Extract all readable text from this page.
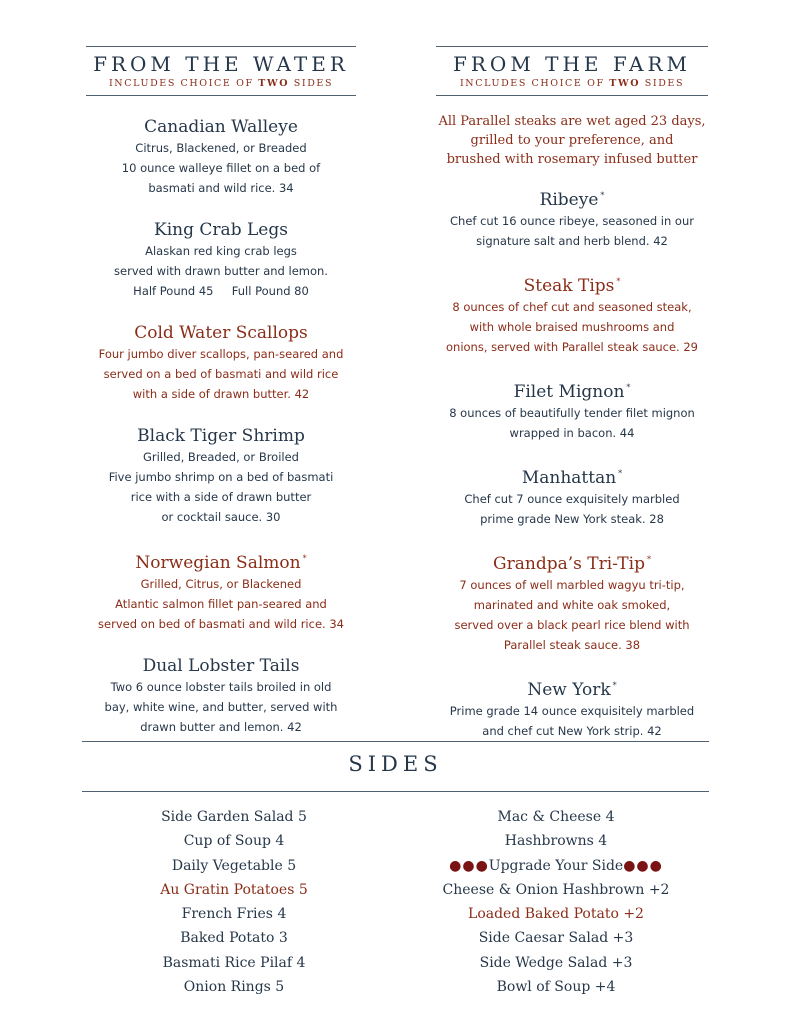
FROM THE WATER
INCLUDES CHOICE OF TWO SIDES
Canadian Walleye
Citrus, Blackened, or Breaded
10 ounce walleye fillet on a bed of
basmati and wild rice. 34
King Crab Legs
Alaskan red king crab legs
served with drawn butter and lemon.
Half Pound 45     Full Pound 80
Cold Water Scallops
Four jumbo diver scallops, pan-seared and
served on a bed of basmati and wild rice
with a side of drawn butter. 42
Black Tiger Shrimp
Grilled, Breaded, or Broiled
Five jumbo shrimp on a bed of basmati
rice with a side of drawn butter
or cocktail sauce. 30
Norwegian Salmon *
Grilled, Citrus, or Blackened
Atlantic salmon fillet pan-seared and
served on bed of basmati and wild rice. 34
Dual Lobster Tails
Two 6 ounce lobster tails broiled in old
bay, white wine, and butter, served with
drawn butter and lemon. 42
FROM THE FARM
INCLUDES CHOICE OF TWO SIDES
All Parallel steaks are wet aged 23 days,
grilled to your preference, and
brushed with rosemary infused butter
Ribeye *
Chef cut 16 ounce ribeye, seasoned in our
signature salt and herb blend. 42
Steak Tips *
8 ounces of chef cut and seasoned steak,
with whole braised mushrooms and
onions, served with Parallel steak sauce. 29
Filet Mignon *
8 ounces of beautifully tender filet mignon
wrapped in bacon. 44
Manhattan *
Chef cut 7 ounce exquisitely marbled
prime grade New York steak. 28
Grandpa’s Tri-Tip *
7 ounces of well marbled wagyu tri-tip,
marinated and white oak smoked,
served over a black pearl rice blend with
Parallel steak sauce. 38
New York *
Prime grade 14 ounce exquisitely marbled
and chef cut New York strip. 42
SIDES
Side Garden Salad 5
Cup of Soup 4
Daily Vegetable 5
Au Gratin Potatoes 5
French Fries 4
Baked Potato 3
Basmati Rice Pilaf 4
Onion Rings 5
Mac & Cheese 4
Hashbrowns 4
●●●Upgrade Your Side●●●
Cheese & Onion Hashbrown +2
Loaded Baked Potato +2
Side Caesar Salad +3
Side Wedge Salad +3
Bowl of Soup +4
